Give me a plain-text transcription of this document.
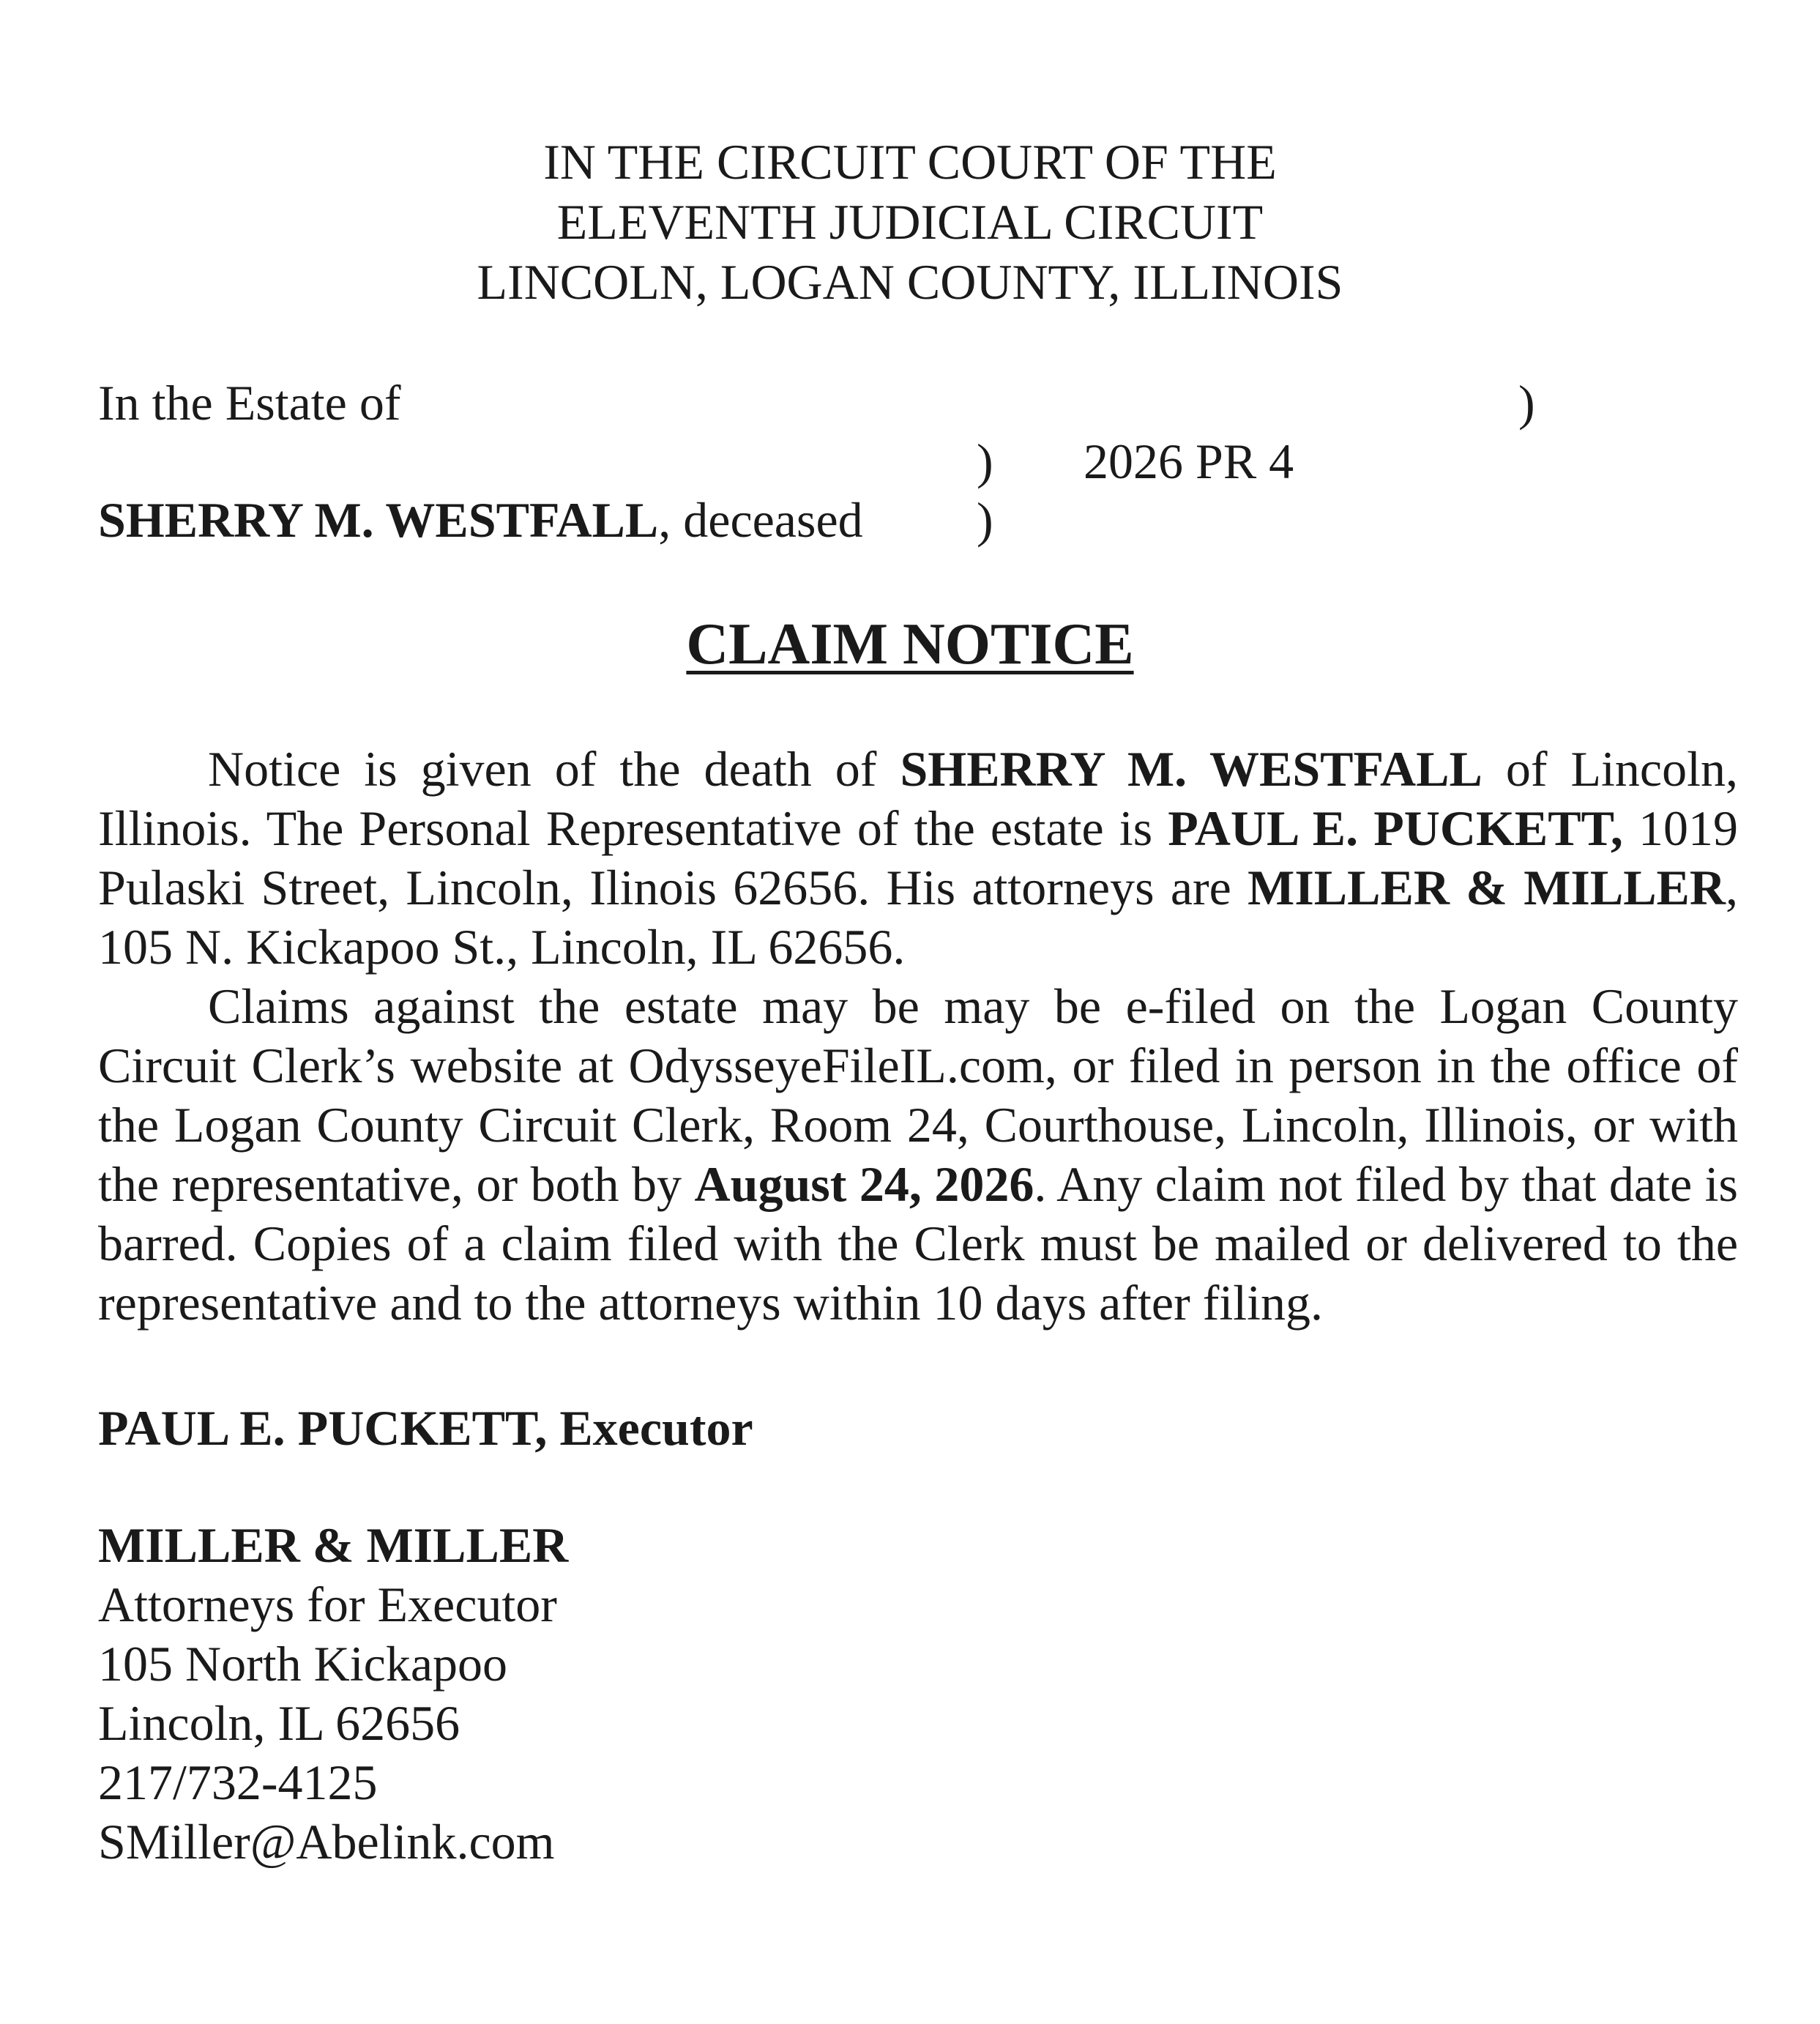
IN THE CIRCUIT COURT OF THE
ELEVENTH JUDICIAL CIRCUIT
LINCOLN, LOGAN COUNTY, ILLINOIS
In the Estate of	)
) 2026 PR 4
SHERRY M. WESTFALL, deceased )
CLAIM NOTICE

Notice is given of the death of SHERRY M. WESTFALL of Lincoln, Illinois. The Personal Representative of the estate is PAUL E. PUCKETT, 1019 Pulaski Street, Lincoln, Ilinois 62656. His attorneys are MILLER & MILLER, 105 N. Kickapoo St., Lincoln, IL 62656.

Claims against the estate may be may be e-filed on the Logan County Circuit Clerk’s website at OdysseyeFileIL.com, or filed in person in the office of the Logan County Circuit Clerk, Room 24, Courthouse, Lincoln, Illinois, or with the representative, or both by August 24, 2026. Any claim not filed by that date is barred. Copies of a claim filed with the Clerk must be mailed or delivered to the representative and to the attorneys within 10 days after filing.

PAUL E. PUCKETT, Executor
MILLER & MILLER
Attorneys for Executor
105 North Kickapoo
Lincoln, IL 62656
217/732-4125
SMiller@Abelink.com
